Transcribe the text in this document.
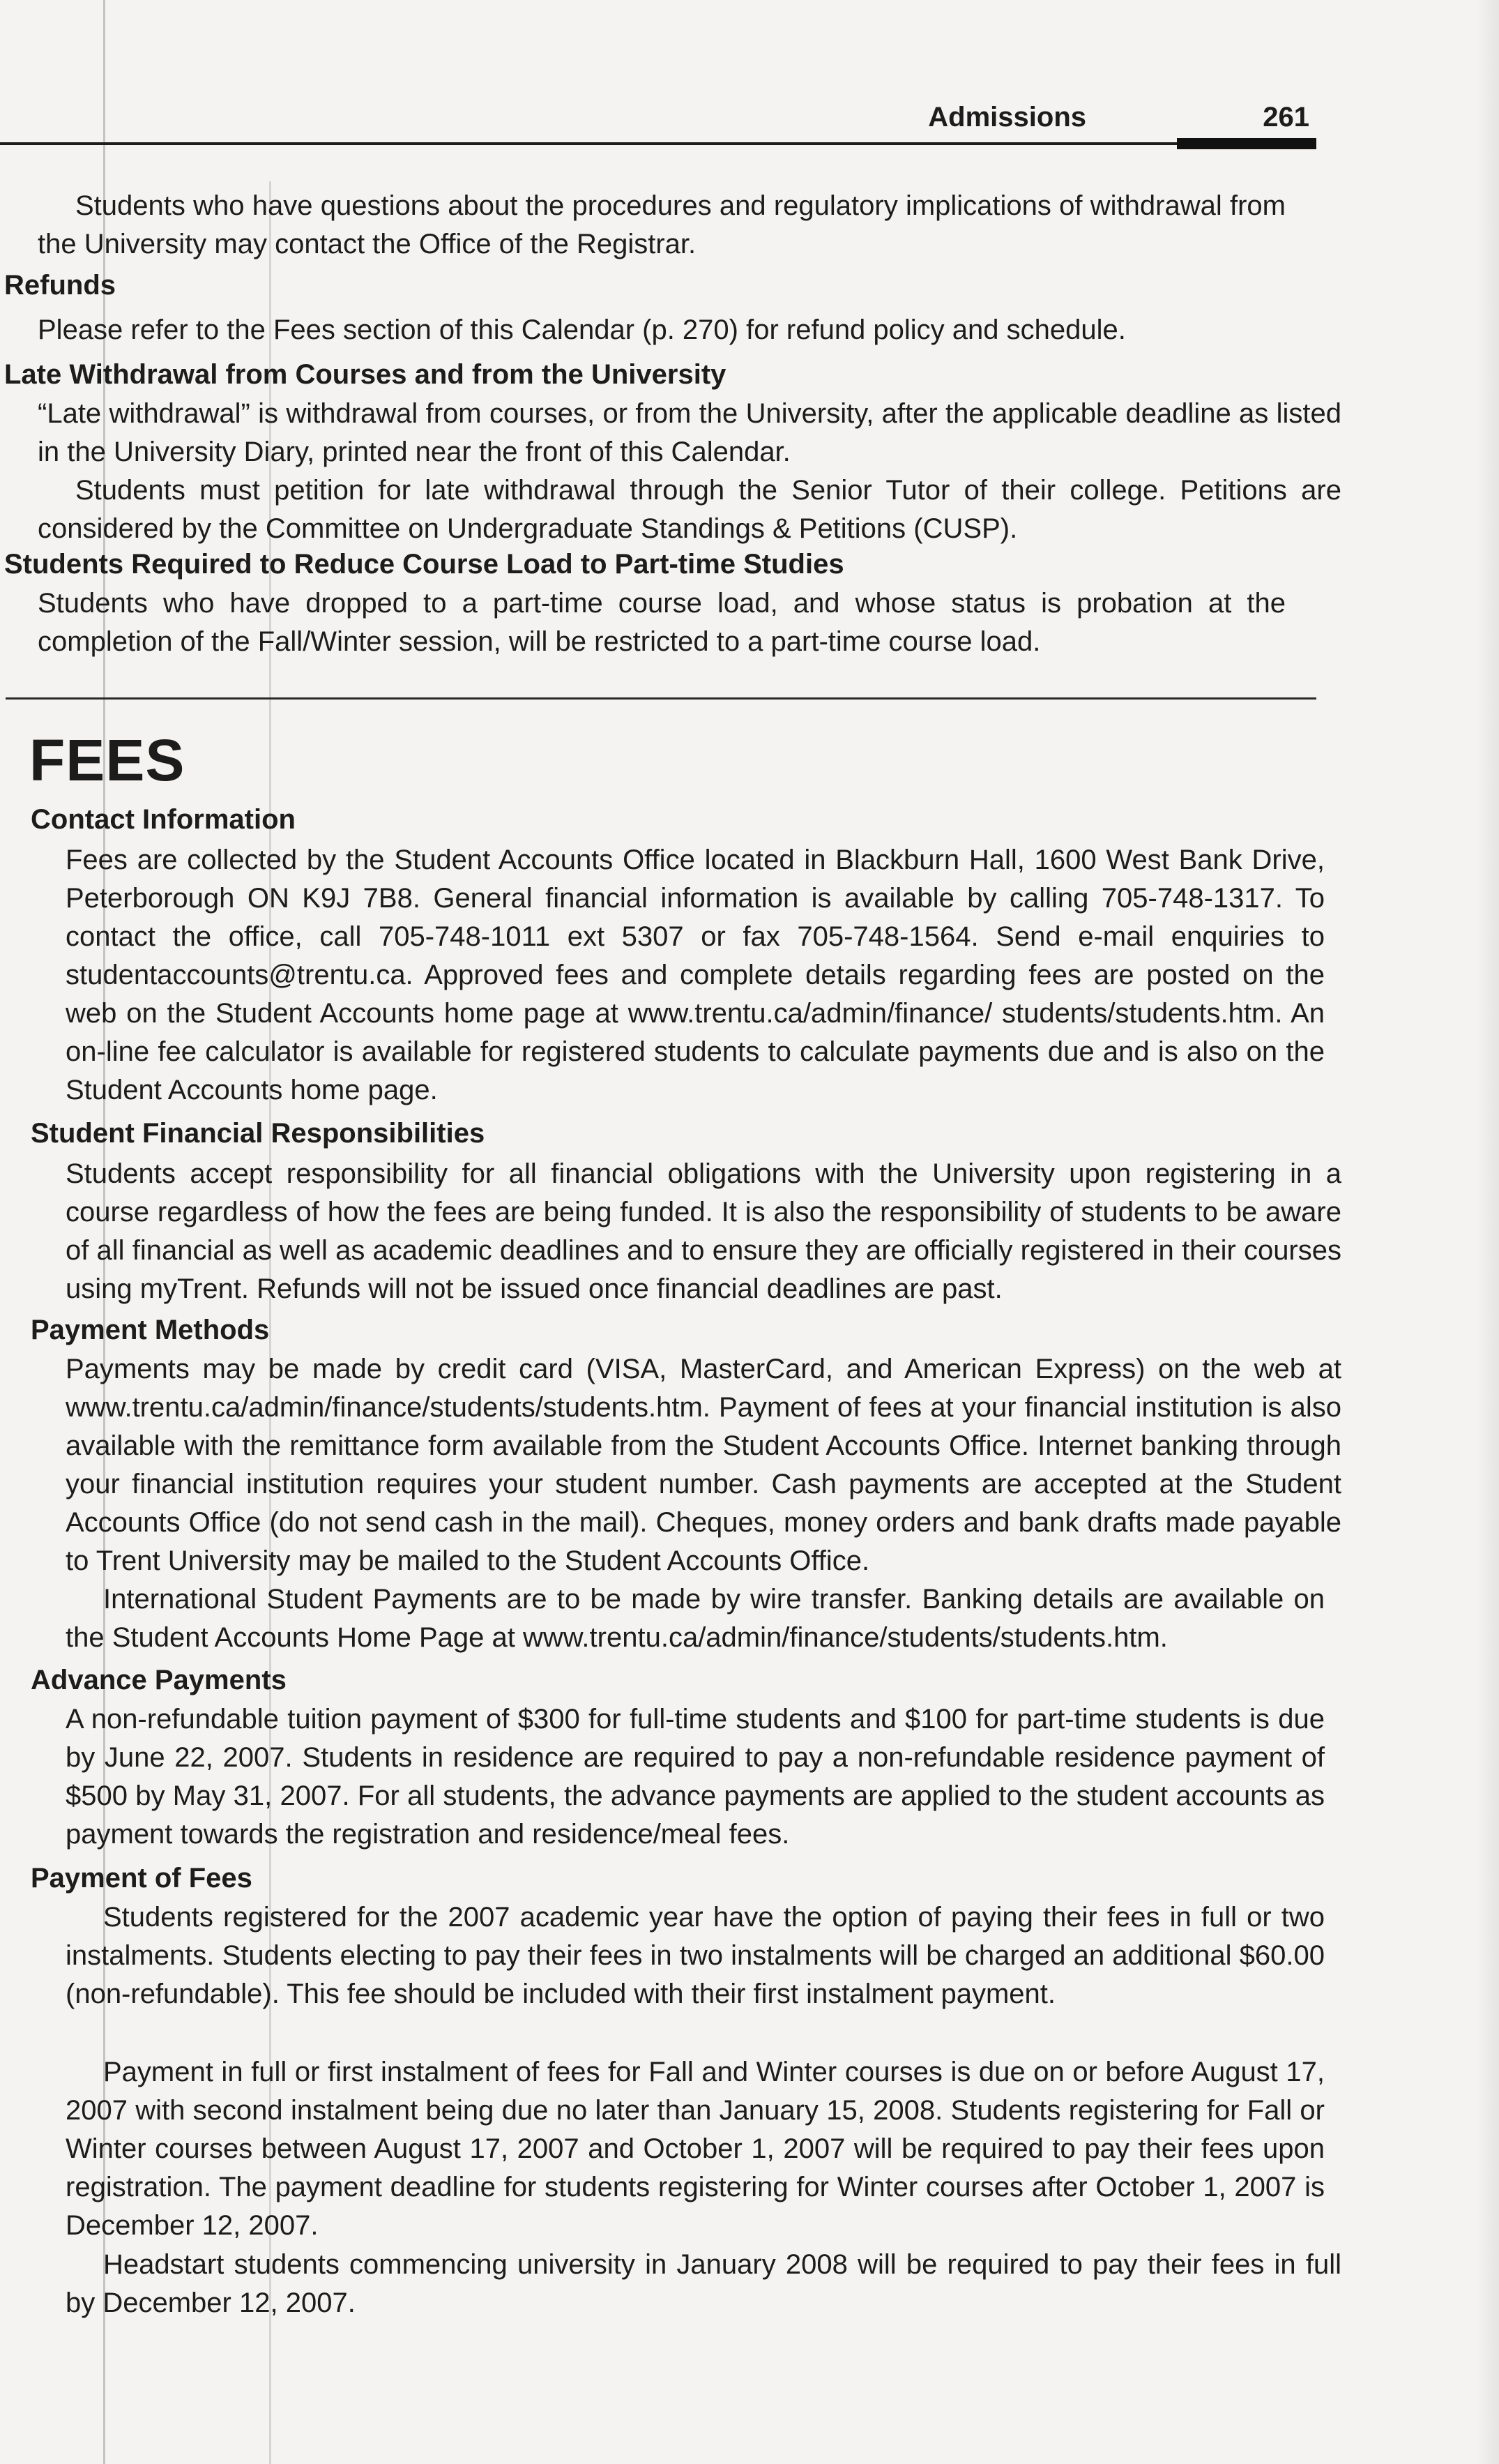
Admissions	261
Students who have questions about the procedures and regulatory implications of withdrawal from the University may contact the Office of the Registrar.
Refunds
Please refer to the Fees section of this Calendar (p. 270) for refund policy and schedule.
Late Withdrawal from Courses and from the University
“Late withdrawal” is withdrawal from courses, or from the University, after the applicable deadline as listed in the University Diary, printed near the front of this Calendar.
Students must petition for late withdrawal through the Senior Tutor of their college. Petitions are considered by the Committee on Undergraduate Standings & Petitions (CUSP).
Students Required to Reduce Course Load to Part-time Studies
Students who have dropped to a part-time course load, and whose status is probation at the completion of the Fall/Winter session, will be restricted to a part-time course load.
FEES
Contact Information
Fees are collected by the Student Accounts Office located in Blackburn Hall, 1600 West Bank Drive, Peterborough ON K9J 7B8. General financial information is available by calling 705-748-1317. To contact the office, call 705-748-1011 ext 5307 or fax 705-748-1564. Send e-mail enquiries to studentaccounts@trentu.ca. Approved fees and complete details regarding fees are posted on the web on the Student Accounts home page at www.trentu.ca/admin/finance/ students/students.htm. An on-line fee calculator is available for registered students to calculate payments due and is also on the Student Accounts home page.
Student Financial Responsibilities
Students accept responsibility for all financial obligations with the University upon registering in a course regardless of how the fees are being funded. It is also the responsibility of students to be aware of all financial as well as academic deadlines and to ensure they are officially registered in their courses using myTrent. Refunds will not be issued once financial deadlines are past.
Payment Methods
Payments may be made by credit card (VISA, MasterCard, and American Express) on the web at www.trentu.ca/admin/finance/students/students.htm. Payment of fees at your financial institution is also available with the remittance form available from the Student Accounts Office. Internet banking through your financial institution requires your student number. Cash payments are accepted at the Student Accounts Office (do not send cash in the mail). Cheques, money orders and bank drafts made payable to Trent University may be mailed to the Student Accounts Office.
International Student Payments are to be made by wire transfer. Banking details are available on the Student Accounts Home Page at www.trentu.ca/admin/finance/students/students.htm.
Advance Payments
A non-refundable tuition payment of $300 for full-time students and $100 for part-time students is due by June 22, 2007. Students in residence are required to pay a non-refundable residence payment of $500 by May 31, 2007. For all students, the advance payments are applied to the student accounts as payment towards the registration and residence/meal fees.
Payment of Fees
Students registered for the 2007 academic year have the option of paying their fees in full or two instalments. Students electing to pay their fees in two instalments will be charged an additional $60.00 (non-refundable). This fee should be included with their first instalment payment.
Payment in full or first instalment of fees for Fall and Winter courses is due on or before August 17, 2007 with second instalment being due no later than January 15, 2008. Students registering for Fall or Winter courses between August 17, 2007 and October 1, 2007 will be required to pay their fees upon registration. The payment deadline for students registering for Winter courses after October 1, 2007 is December 12, 2007.
Headstart students commencing university in January 2008 will be required to pay their fees in full by December 12, 2007.
